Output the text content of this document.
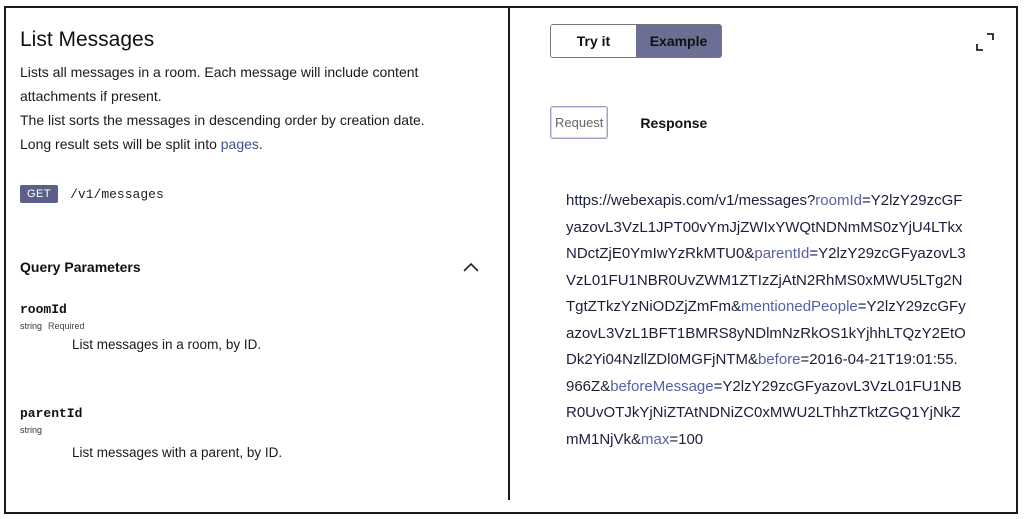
List Messages
Lists all messages in a room. Each message will include content
attachments if present.
The list sorts the messages in descending order by creation date.
Long result sets will be split into pages.
GET	/v1/messages
Query Parameters
roomId
string Required
List messages in a room, by ID.
parentId
string
List messages with a parent, by ID.
Try it	Example
Request	Response
https://webexapis.com/v1/messages?roomId=Y2lzY29zcGFyazovL3VzL1JPT00vYmJjZWIxYWQtNDNmMS0zYjU4LTkxNDctZjE0YmIwYzRkMTU0&parentId=Y2lzY29zcGFyazovL3VzL01FU1NBR0UvZWM1ZTIzZjAtN2RhMS0xMWU5LTg2NTgtZTkzYzNiODZjZmFm&mentionedPeople=Y2lzY29zcGFyazovL3VzL1BFT1BMRS8yNDlmNzRkOS1kYjhhLTQzY2EtODk2Yi04NzllZDl0MGFjNTM&before=2016-04-21T19:01:55.966Z&beforeMessage=Y2lzY29zcGFyazovL3VzL01FU1NBR0UvOTJkYjNiZTAtNDNiZC0xMWU2LThhZTktZGQ1YjNkZmM1NjVk&max=100
